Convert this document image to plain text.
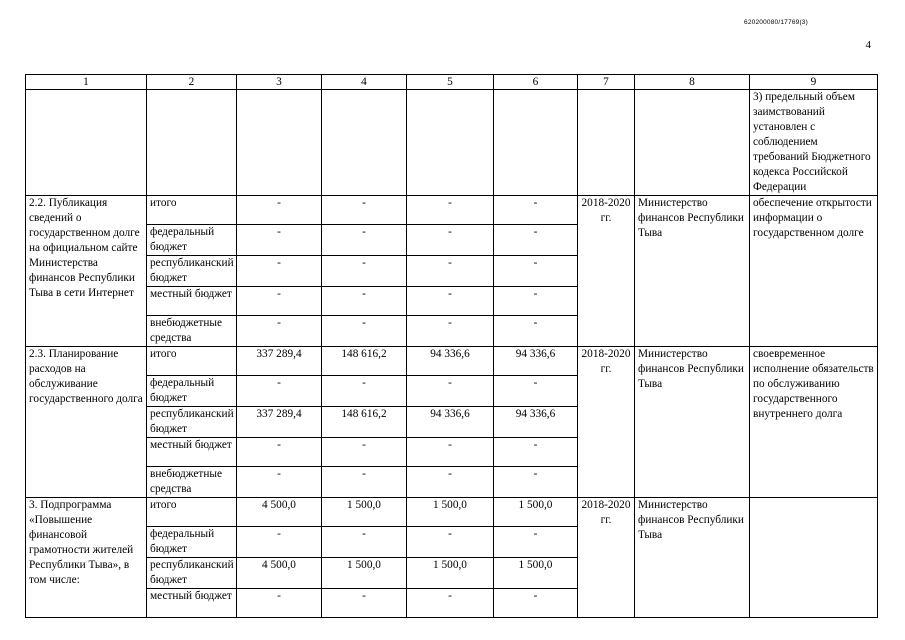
620200080/17769(3)
4
1	2	3	4	5	6	7	8	9
								3) предельный объем заимствований установлен с соблюдением требований Бюджетного кодекса Российской Федерации
2.2. Публикация сведений о государственном долге на официальном сайте Министерства финансов Республики Тыва в сети Интернет	итого	-	-	-	-	2018-2020 гг.	Министерство финансов Республики Тыва	обеспечение открытости информации о государственном долге
	федеральный бюджет	-	-	-	-			
	республиканский бюджет	-	-	-	-			
	местный бюджет	-	-	-	-			
	внебюджетные средства	-	-	-	-			
2.3. Планирование расходов на обслуживание государственного долга	итого	337 289,4	148 616,2	94 336,6	94 336,6	2018-2020 гг.	Министерство финансов Республики Тыва	своевременное исполнение обязательств по обслуживанию государственного внутреннего долга
	федеральный бюджет	-	-	-	-			
	республиканский бюджет	337 289,4	148 616,2	94 336,6	94 336,6			
	местный бюджет	-	-	-	-			
	внебюджетные средства	-	-	-	-			
3. Подпрограмма «Повышение финансовой грамотности жителей Республики Тыва», в том числе:	итого	4 500,0	1 500,0	1 500,0	1 500,0	2018-2020 гг.	Министерство финансов Республики Тыва	
	федеральный бюджет	-	-	-	-			
	республиканский бюджет	4 500,0	1 500,0	1 500,0	1 500,0			
	местный бюджет	-	-	-	-			
